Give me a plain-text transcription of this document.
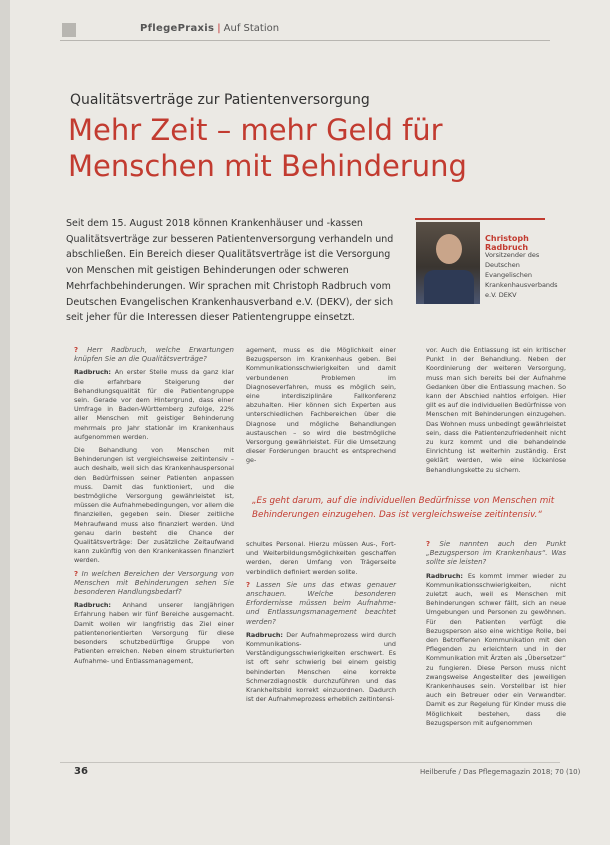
PflegePraxis | Auf Station
Qualitätsverträge zur Patientenversorgung
Mehr Zeit – mehr Geld für Menschen mit Behinderung
Seit dem 15. August 2018 können Krankenhäuser und -kassen Qualitätsverträge zur besseren Patientenversorgung verhandeln und abschließen. Ein Bereich dieser Qualitätsverträge ist die Versorgung von Menschen mit geistigen Behinderungen oder schweren Mehrfachbehinderungen. Wir sprachen mit Christoph Radbruch vom Deutschen Evangelischen Krankenhausverband e.V. (DEKV), der sich seit jeher für die Interessen dieser Patientengruppe einsetzt.
Christoph Radbruch
Vorsitzender des Deutschen Evangelischen Krankenhausverbands e.V. DEKV

? Herr Radbruch, welche Erwartungen knüpfen Sie an die Qualitätsverträge?

Radbruch: An erster Stelle muss da ganz klar die erfahrbare Steigerung der Behandlungsqualität für die Patientengruppe sein. Gerade vor dem Hintergrund, dass einer Umfrage in Baden-Württemberg zufolge, 22% aller Menschen mit geistiger Behinderung mehrmals pro Jahr stationär im Krankenhaus aufgenommen werden.

Die Behandlung von Menschen mit Behinderungen ist vergleichsweise zeitintensiv – auch deshalb, weil sich das Krankenhauspersonal den Bedürfnissen seiner Patienten anpassen muss. Damit das funktioniert, und die bestmögliche Versorgung gewährleistet ist, müssen die Aufnahmebedingungen, vor allem die finanziellen, gegeben sein. Dieser zeitliche Mehraufwand muss also finanziert werden. Und genau darin besteht die Chance der Qualitätsverträge: Der zusätzliche Zeitaufwand kann zukünftig von den Krankenkassen finanziert werden.

? In welchen Bereichen der Versorgung von Menschen mit Behinderungen sehen Sie besonderen Handlungsbedarf?

Radbruch: Anhand unserer langjährigen Erfahrung haben wir fünf Bereiche ausgemacht. Damit wollen wir langfristig das Ziel einer patientenorientierten Versorgung für diese besonders schutzbedürftige Gruppe von Patienten erreichen. Neben einem strukturierten Aufnahme- und Entlassmanagement,

agement, muss es die Möglichkeit einer Bezugsperson im Krankenhaus geben. Bei Kommunikationsschwierigkeiten und damit verbundenen Problemen im Diagnoseverfahren, muss es möglich sein, eine interdisziplinäre Fallkonferenz abzuhalten. Hier können sich Experten aus unterschiedlichen Fachbereichen über die Diagnose und mögliche Behandlungen austauschen – so wird die bestmögliche Versorgung gewährleistet. Für die Umsetzung dieser Forderungen braucht es entsprechend ge-

vor. Auch die Entlassung ist ein kritischer Punkt in der Behandlung. Neben der Koordinierung der weiteren Versorgung, muss man sich bereits bei der Aufnahme Gedanken über die Entlassung machen. So kann der Abschied nahtlos erfolgen. Hier gilt es auf die individuellen Bedürfnisse von Menschen mit Behinderungen einzugehen. Das Wohnen muss unbedingt gewährleistet sein, dass die Patientenzufriedenheit nicht zu kurz kommt und die behandelnde Einrichtung ist weiterhin zuständig. Erst geklärt werden, wie eine lückenlose Behandlungskette zu sichern.

„Es geht darum, auf die individuellen Bedürfnisse von Menschen mit Behinderungen einzugehen. Das ist vergleichsweise zeitintensiv.“

schultes Personal. Hierzu müssen Aus-, Fort- und Weiterbildungsmöglichkeiten geschaffen werden, deren Umfang von Trägerseite verbindlich definiert werden sollte.

? Lassen Sie uns das etwas genauer anschauen. Welche besonderen Erfordernisse müssen beim Aufnahme- und Entlassungsmanagement beachtet werden?

Radbruch: Der Aufnahmeprozess wird durch Kommunikations- und Verständigungsschwierigkeiten erschwert. Es ist oft sehr schwierig bei einem geistig behinderten Menschen eine korrekte Schmerzdiagnostik durchzuführen und das Krankheitsbild korrekt einzuordnen. Dadurch ist der Aufnahmeprozess erheblich zeitintensi-

? Sie nannten auch den Punkt „Bezugsperson im Krankenhaus“. Was sollte sie leisten?

Radbruch: Es kommt immer wieder zu Kommunikationsschwierigkeiten, nicht zuletzt auch, weil es Menschen mit Behinderungen schwer fällt, sich an neue Umgebungen und Personen zu gewöhnen. Für den Patienten verfügt die Bezugsperson also eine wichtige Rolle, bei den Betroffenen Kommunikation mit den Pflegenden zu erleichtern und in der Kommunikation mit Ärzten als „Übersetzer“ zu fungieren. Diese Person muss nicht zwangsweise Angestellter des jeweiligen Krankenhauses sein. Vorstellbar ist hier auch ein Betreuer oder ein Verwandter. Damit es zur Regelung für Kinder muss die Möglichkeit bestehen, dass die Bezugsperson mit aufgenommen

36	Heilberufe / Das Pflegemagazin 2018; 70 (10)
